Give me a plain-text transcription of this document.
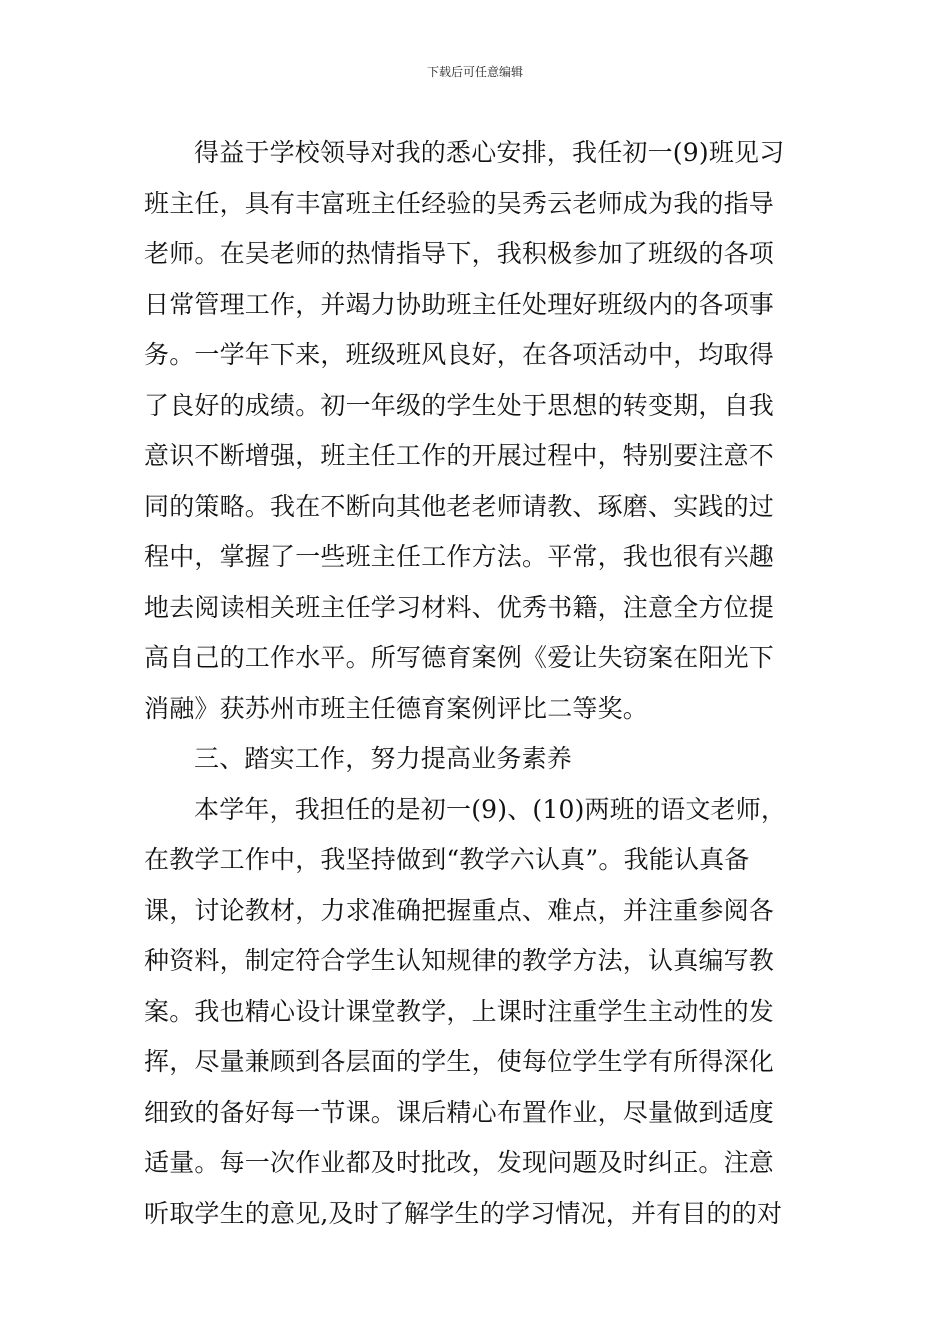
下载后可任意编辑
得益于学校领导对我的悉心安排，我任初一(9)班见习
班主任，具有丰富班主任经验的吴秀云老师成为我的指导
老师。在吴老师的热情指导下，我积极参加了班级的各项
日常管理工作，并竭力协助班主任处理好班级内的各项事
务。一学年下来，班级班风良好，在各项活动中，均取得
了良好的成绩。初一年级的学生处于思想的转变期，自我
意识不断增强，班主任工作的开展过程中，特别要注意不
同的策略。我在不断向其他老老师请教、琢磨、实践的过
程中，掌握了一些班主任工作方法。平常，我也很有兴趣
地去阅读相关班主任学习材料、优秀书籍，注意全方位提
高自己的工作水平。所写德育案例《爱让失窃案在阳光下
消融》获苏州市班主任德育案例评比二等奖。
三、踏实工作，努力提高业务素养
本学年，我担任的是初一(9)、(10)两班的语文老师，
在教学工作中，我坚持做到“教学六认真”。我能认真备
课，讨论教材，力求准确把握重点、难点，并注重参阅各
种资料，制定符合学生认知规律的教学方法，认真编写教
案。我也精心设计课堂教学，上课时注重学生主动性的发
挥，尽量兼顾到各层面的学生，使每位学生学有所得深化
细致的备好每一节课。课后精心布置作业，尽量做到适度
适量。每一次作业都及时批改，发现问题及时纠正。注意
听取学生的意见,及时了解学生的学习情况，并有目的的对
